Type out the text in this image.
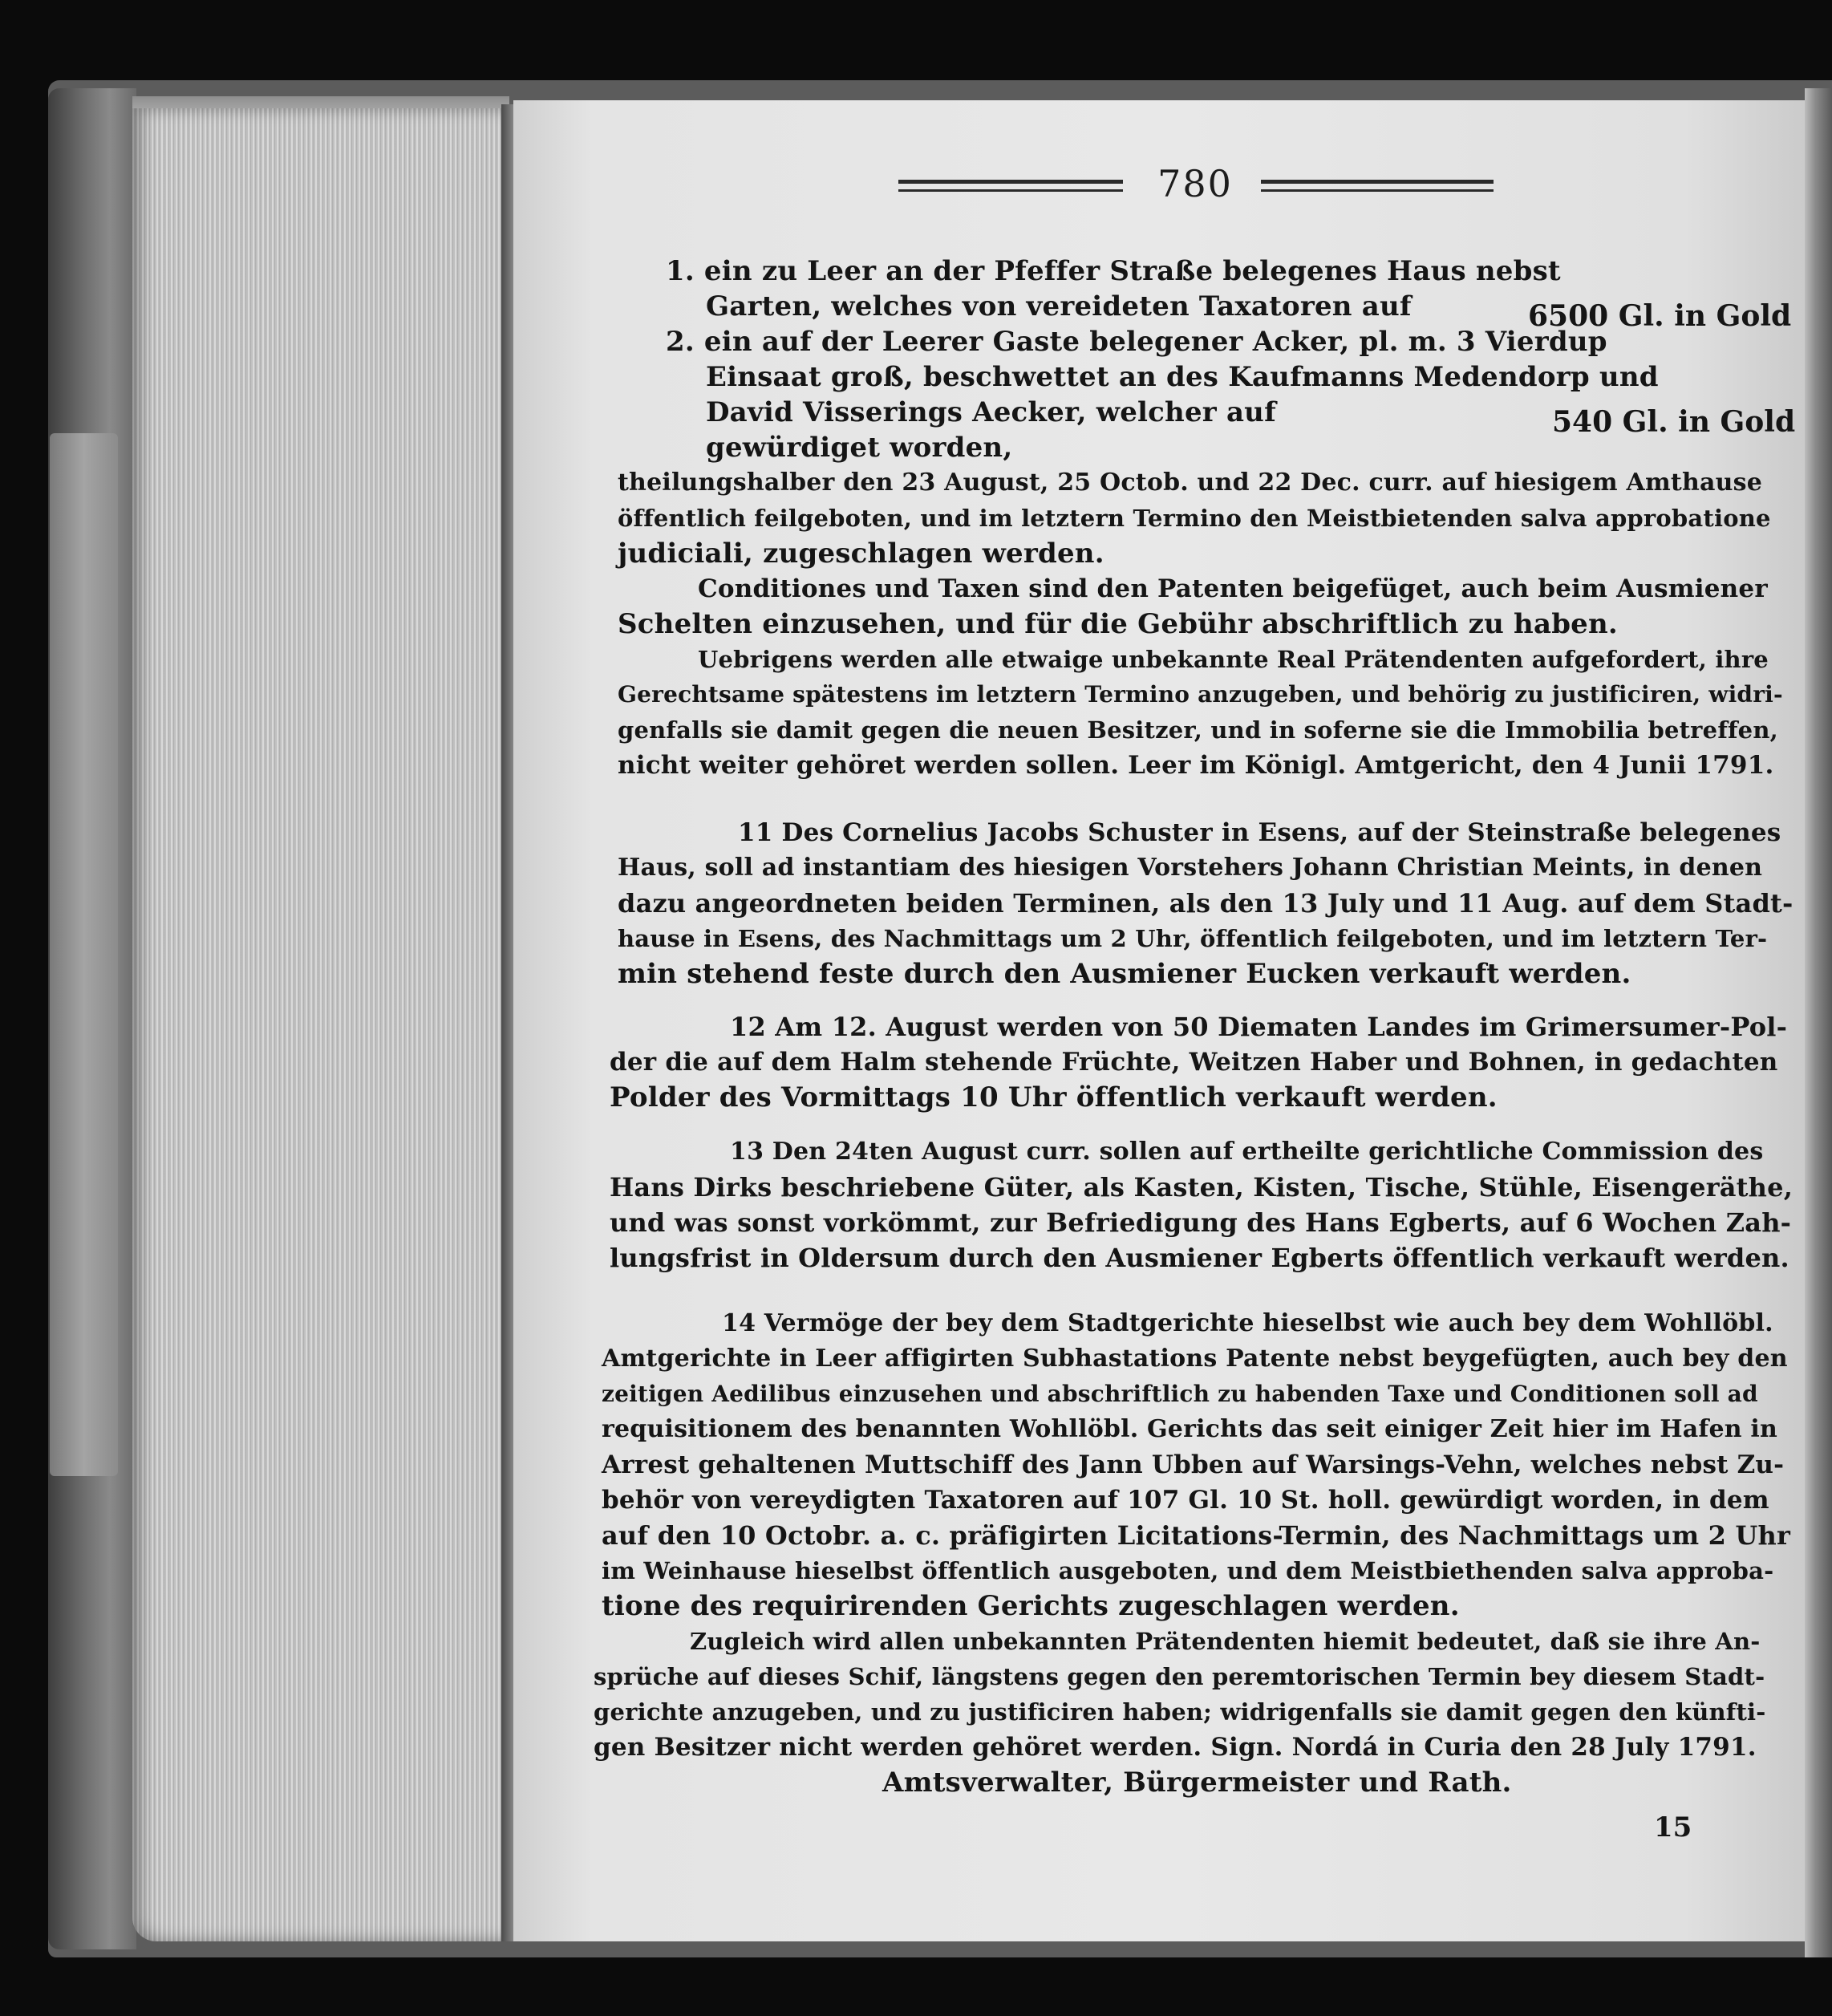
780
1. ein zu Leer an der Pfeffer Straße belegenes Haus nebst
Garten, welches von vereideten Taxatoren auf	6500 Gl. in Gold
2. ein auf der Leerer Gaste belegener Acker, pl. m. 3 Vierdup
Einsaat groß, beschwettet an des Kaufmanns Medendorp und
David Visserings Aecker, welcher auf	540 Gl. in Gold
gewürdiget worden,
theilungshalber den 23 August, 25 Octob. und 22 Dec. curr. auf hiesigem Amthause
öffentlich feilgeboten, und im letztern Termino den Meistbietenden salva approbatione
judiciali, zugeschlagen werden.
Conditiones und Taxen sind den Patenten beigefüget, auch beim Ausmiener
Schelten einzusehen, und für die Gebühr abschriftlich zu haben.
Uebrigens werden alle etwaige unbekannte Real Prätendenten aufgefordert, ihre
Gerechtsame spätestens im letztern Termino anzugeben, und behörig zu justificiren, widri-
genfalls sie damit gegen die neuen Besitzer, und in soferne sie die Immobilia betreffen,
nicht weiter gehöret werden sollen. Leer im Königl. Amtgericht, den 4 Junii 1791.
11 Des Cornelius Jacobs Schuster in Esens, auf der Steinstraße belegenes
Haus, soll ad instantiam des hiesigen Vorstehers Johann Christian Meints, in denen
dazu angeordneten beiden Terminen, als den 13 July und 11 Aug. auf dem Stadt-
hause in Esens, des Nachmittags um 2 Uhr, öffentlich feilgeboten, und im letztern Ter-
min stehend feste durch den Ausmiener Eucken verkauft werden.
12 Am 12. August werden von 50 Diematen Landes im Grimersumer-Pol-
der die auf dem Halm stehende Früchte, Weitzen Haber und Bohnen, in gedachten
Polder des Vormittags 10 Uhr öffentlich verkauft werden.
13 Den 24ten August curr. sollen auf ertheilte gerichtliche Commission des
Hans Dirks beschriebene Güter, als Kasten, Kisten, Tische, Stühle, Eisengeräthe,
und was sonst vorkömmt, zur Befriedigung des Hans Egberts, auf 6 Wochen Zah-
lungsfrist in Oldersum durch den Ausmiener Egberts öffentlich verkauft werden.
14 Vermöge der bey dem Stadtgerichte hieselbst wie auch bey dem Wohllöbl.
Amtgerichte in Leer affigirten Subhastations Patente nebst beygefügten, auch bey den
zeitigen Aedilibus einzusehen und abschriftlich zu habenden Taxe und Conditionen soll ad
requisitionem des benannten Wohllöbl. Gerichts das seit einiger Zeit hier im Hafen in
Arrest gehaltenen Muttschiff des Jann Ubben auf Warsings-Vehn, welches nebst Zu-
behör von vereydigten Taxatoren auf 107 Gl. 10 St. holl. gewürdigt worden, in dem
auf den 10 Octobr. a. c. präfigirten Licitations-Termin, des Nachmittags um 2 Uhr
im Weinhause hieselbst öffentlich ausgeboten, und dem Meistbiethenden salva approba-
tione des requirirenden Gerichts zugeschlagen werden.
Zugleich wird allen unbekannten Prätendenten hiemit bedeutet, daß sie ihre An-
sprüche auf dieses Schif, längstens gegen den peremtorischen Termin bey diesem Stadt-
gerichte anzugeben, und zu justificiren haben; widrigenfalls sie damit gegen den künfti-
gen Besitzer nicht werden gehöret werden. Sign. Nordá in Curia den 28 July 1791.
Amtsverwalter, Bürgermeister und Rath.
15
